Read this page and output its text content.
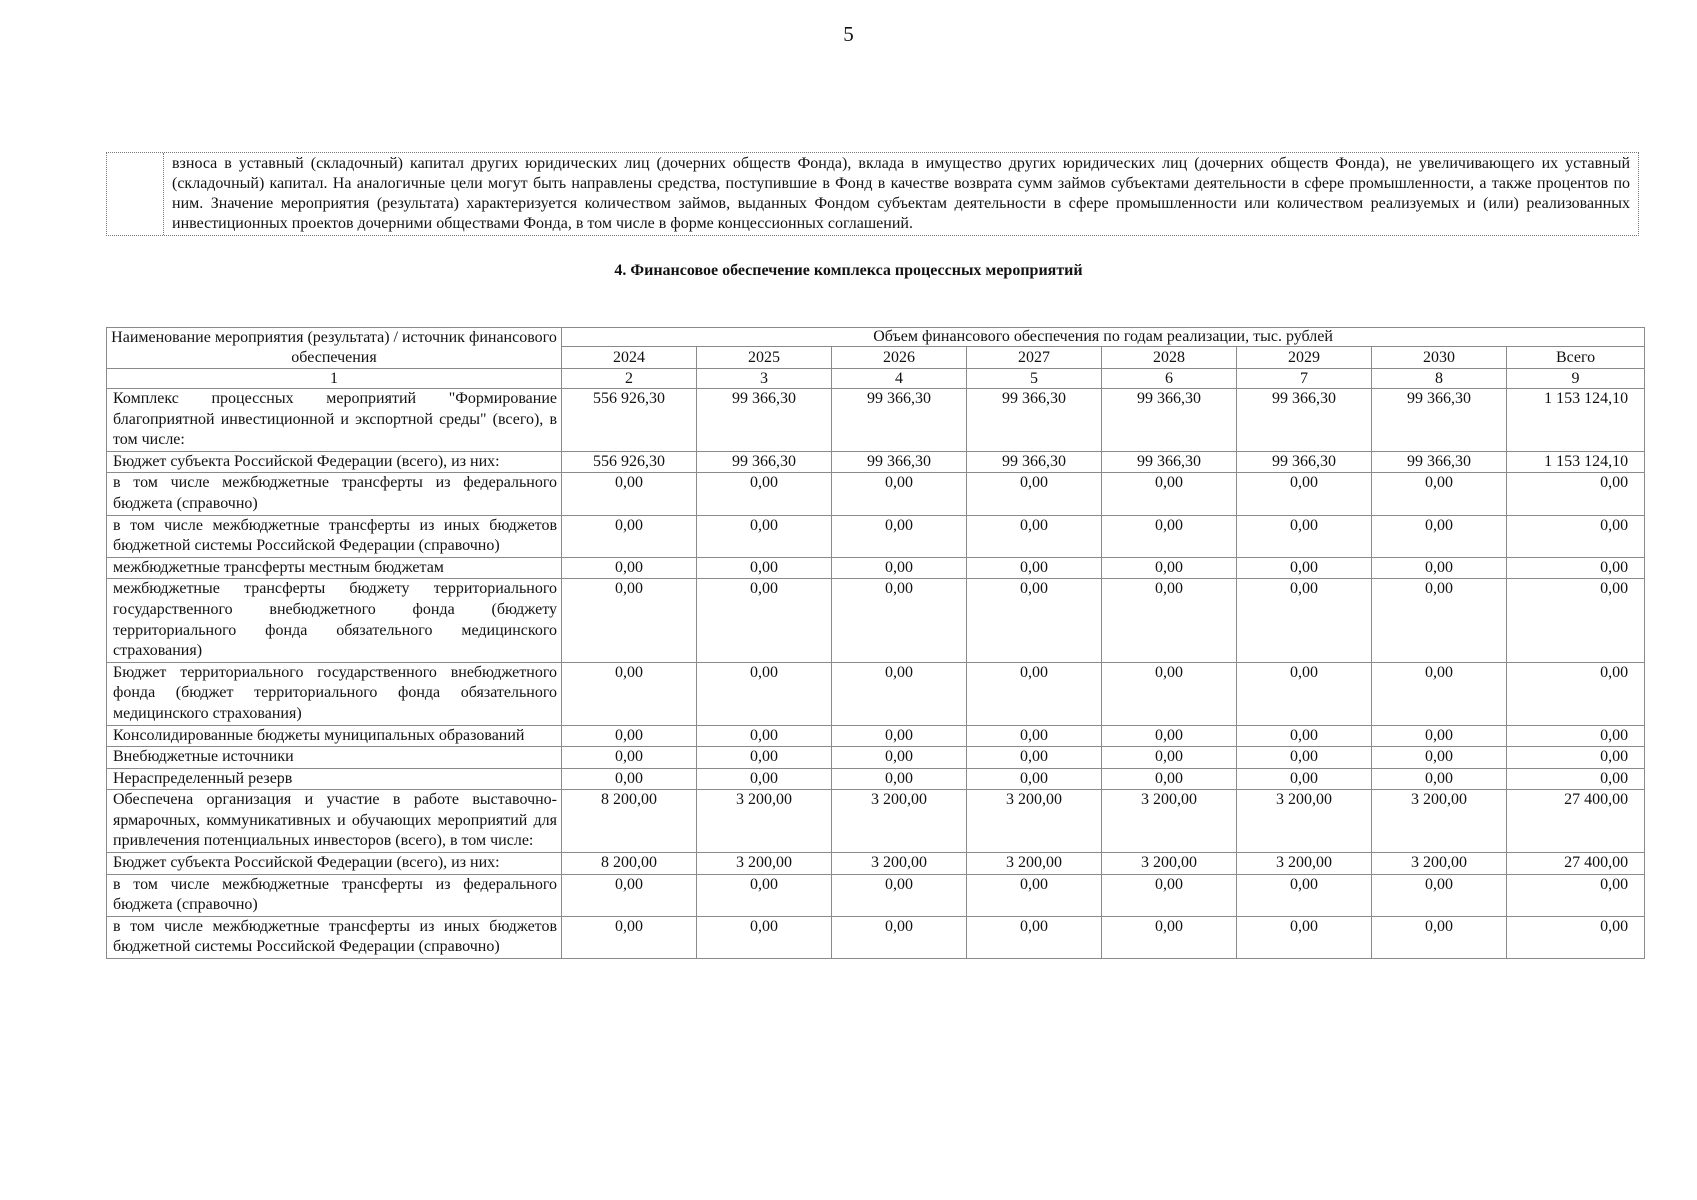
5
взноса в уставный (складочный) капитал других юридических лиц (дочерних обществ Фонда), вклада в имущество других юридических лиц (дочерних обществ Фонда), не увеличивающего их уставный (складочный) капитал. На аналогичные цели могут быть направлены средства, поступившие в Фонд в качестве возврата сумм займов субъектами деятельности в сфере промышленности, а также процентов по ним. Значение мероприятия (результата) характеризуется количеством займов, выданных Фондом субъектам деятельности в сфере промышленности или количеством реализуемых и (или) реализованных инвестиционных проектов дочерними обществами Фонда, в том числе в форме концессионных соглашений.
4. Финансовое обеспечение комплекса процессных мероприятий
Наименование мероприятия (результата) / источник финансового обеспечения	Объем финансового обеспечения по годам реализации, тыс. рублей							
	2024	2025	2026	2027	2028	2029	2030	Всего
1	2	3	4	5	6	7	8	9
Комплекс процессных мероприятий "Формирование благоприятной инвестиционной и экспортной среды" (всего), в том числе:	556 926,30	99 366,30	99 366,30	99 366,30	99 366,30	99 366,30	99 366,30	1 153 124,10
Бюджет субъекта Российской Федерации (всего), из них:	556 926,30	99 366,30	99 366,30	99 366,30	99 366,30	99 366,30	99 366,30	1 153 124,10
в том числе межбюджетные трансферты из федерального бюджета (справочно)	0,00	0,00	0,00	0,00	0,00	0,00	0,00	0,00
в том числе межбюджетные трансферты из иных бюджетов бюджетной системы Российской Федерации (справочно)	0,00	0,00	0,00	0,00	0,00	0,00	0,00	0,00
межбюджетные трансферты местным бюджетам	0,00	0,00	0,00	0,00	0,00	0,00	0,00	0,00
межбюджетные трансферты бюджету территориального государственного внебюджетного фонда (бюджету территориального фонда обязательного медицинского страхования)	0,00	0,00	0,00	0,00	0,00	0,00	0,00	0,00
Бюджет территориального государственного внебюджетного фонда (бюджет территориального фонда обязательного медицинского страхования)	0,00	0,00	0,00	0,00	0,00	0,00	0,00	0,00
Консолидированные бюджеты муниципальных образований	0,00	0,00	0,00	0,00	0,00	0,00	0,00	0,00
Внебюджетные источники	0,00	0,00	0,00	0,00	0,00	0,00	0,00	0,00
Нераспределенный резерв	0,00	0,00	0,00	0,00	0,00	0,00	0,00	0,00
Обеспечена организация и участие в работе выставочно-ярмарочных, коммуникативных и обучающих мероприятий для привлечения потенциальных инвесторов (всего), в том числе:	8 200,00	3 200,00	3 200,00	3 200,00	3 200,00	3 200,00	3 200,00	27 400,00
Бюджет субъекта Российской Федерации (всего), из них:	8 200,00	3 200,00	3 200,00	3 200,00	3 200,00	3 200,00	3 200,00	27 400,00
в том числе межбюджетные трансферты из федерального бюджета (справочно)	0,00	0,00	0,00	0,00	0,00	0,00	0,00	0,00
в том числе межбюджетные трансферты из иных бюджетов бюджетной системы Российской Федерации (справочно)	0,00	0,00	0,00	0,00	0,00	0,00	0,00	0,00
